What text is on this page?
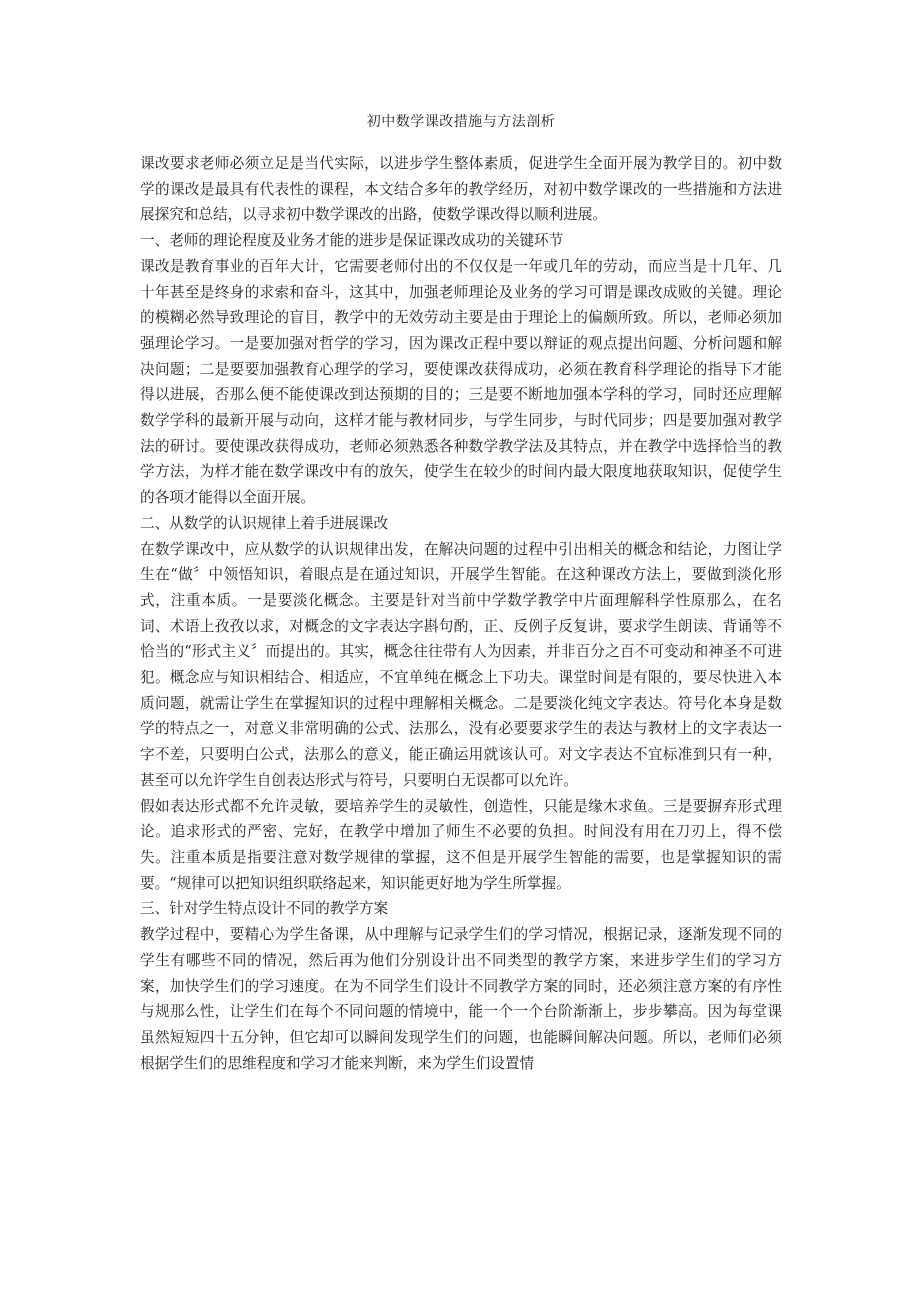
初中数学课改措施与方法剖析

课改要求老师必须立足是当代实际，以进步学生整体素质，促进学生全面开展为教学目的。初中数学的课改是最具有代表性的课程，本文结合多年的教学经历，对初中数学课改的一些措施和方法进展探究和总结，以寻求初中数学课改的出路，使数学课改得以顺利进展。

一、老师的理论程度及业务才能的进步是保证课改成功的关键环节

课改是教育事业的百年大计，它需要老师付出的不仅仅是一年或几年的劳动，而应当是十几年、几十年甚至是终身的求索和奋斗，这其中，加强老师理论及业务的学习可谓是课改成败的关键。理论的模糊必然导致理论的盲目，教学中的无效劳动主要是由于理论上的偏颇所致。所以，老师必须加强理论学习。一是要加强对哲学的学习，因为课改正程中要以辩证的观点提出问题、分析问题和解决问题；二是要要加强教育心理学的学习，要使课改获得成功，必须在教育科学理论的指导下才能得以进展，否那么便不能使课改到达预期的目的；三是要不断地加强本学科的学习，同时还应理解数学学科的最新开展与动向，这样才能与教材同步，与学生同步，与时代同步；四是要加强对教学法的研讨。要使课改获得成功，老师必须熟悉各种数学教学法及其特点，并在教学中选择恰当的教学方法，为样才能在数学课改中有的放矢，使学生在较少的时间内最大限度地获取知识，促使学生的各项才能得以全面开展。

二、从数学的认识规律上着手进展课改

在数学课改中，应从数学的认识规律出发，在解决问题的过程中引出相关的概念和结论，力图让学生在“做〞中领悟知识，着眼点是在通过知识，开展学生智能。在这种课改方法上，要做到淡化形式，注重本质。一是要淡化概念。主要是针对当前中学数学教学中片面理解科学性原那么，在名词、术语上孜孜以求，对概念的文字表达字斟句酌，正、反例子反复讲，要求学生朗读、背诵等不恰当的“形式主义〞而提出的。其实，概念往往带有人为因素，并非百分之百不可变动和神圣不可进犯。概念应与知识相结合、相适应，不宜单纯在概念上下功夫。课堂时间是有限的，要尽快进入本质问题，就需让学生在掌握知识的过程中理解相关概念。二是要淡化纯文字表达。符号化本身是数学的特点之一，对意义非常明确的公式、法那么，没有必要要求学生的表达与教材上的文字表达一字不差，只要明白公式，法那么的意义，能正确运用就该认可。对文字表达不宜标准到只有一种，甚至可以允许学生自创表达形式与符号，只要明白无误都可以允许。

假如表达形式都不允许灵敏，要培养学生的灵敏性，创造性，只能是缘木求鱼。三是要摒弃形式理论。追求形式的严密、完好，在教学中增加了师生不必要的负担。时间没有用在刀刃上，得不偿失。注重本质是指要注意对数学规律的掌握，这不但是开展学生智能的需要，也是掌握知识的需要。“规律可以把知识组织联络起来，知识能更好地为学生所掌握。

三、针对学生特点设计不同的教学方案

教学过程中，要精心为学生备课，从中理解与记录学生们的学习情况，根据记录，逐渐发现不同的学生有哪些不同的情况，然后再为他们分别设计出不同类型的教学方案，来进步学生们的学习方案，加快学生们的学习速度。在为不同学生们设计不同教学方案的同时，还必须注意方案的有序性与规那么性，让学生们在每个不同问题的情境中，能一个一个台阶渐渐上，步步攀高。因为每堂课虽然短短四十五分钟，但它却可以瞬间发现学生们的问题，也能瞬间解决问题。所以，老师们必须根据学生们的思维程度和学习才能来判断，来为学生们设置情
